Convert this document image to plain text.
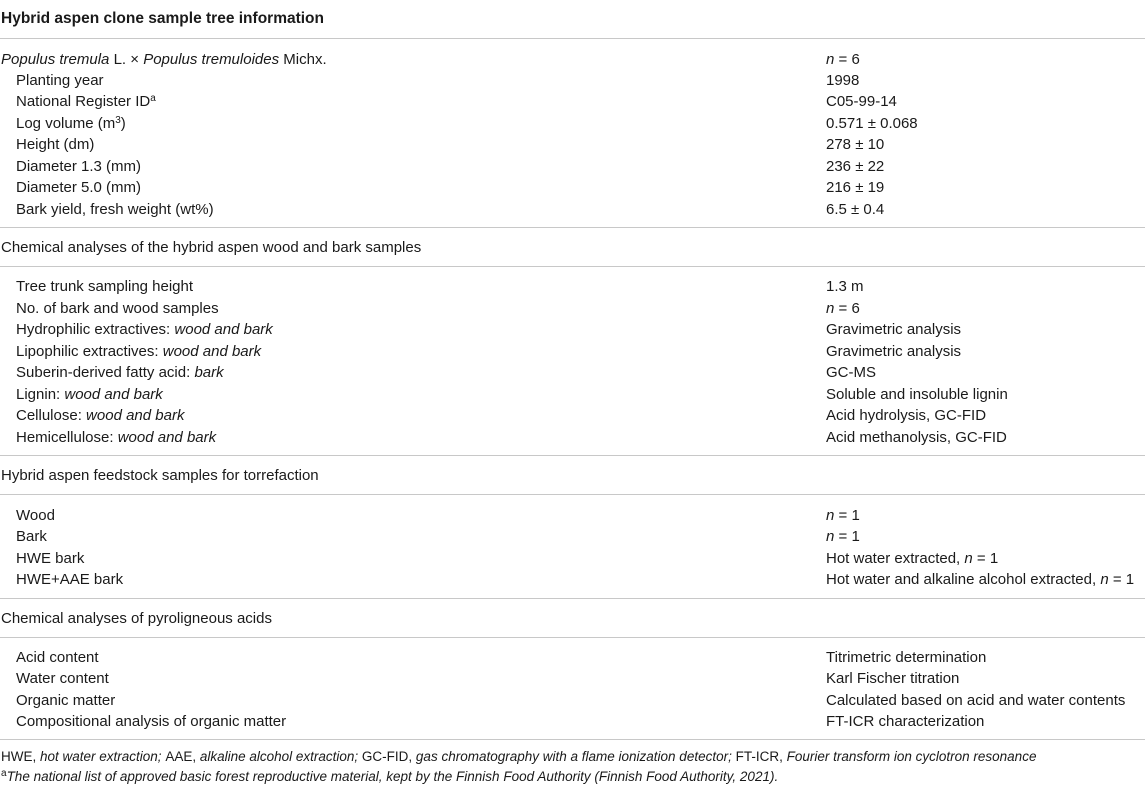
Hybrid aspen clone sample tree information
Populus tremula L. × Populus tremuloides Michx.	n = 6
Planting year	1998
National Register $ID^a$	C05-99-14
Log volume $(m^3)$	0.571 ± 0.068
Height (dm)	278 ± 10
Diameter 1.3 (mm)	236 ± 22
Diameter 5.0 (mm)	216 ± 19
Bark yield, fresh weight (wt%)	6.5 ± 0.4
Chemical analyses of the hybrid aspen wood and bark samples
Tree trunk sampling height	1.3 m
No. of bark and wood samples	n = 6
Hydrophilic extractives: wood and bark	Gravimetric analysis
Lipophilic extractives: wood and bark	Gravimetric analysis
Suberin-derived fatty acid: bark	GC-MS
Lignin: wood and bark	Soluble and insoluble lignin
Cellulose: wood and bark	Acid hydrolysis, GC-FID
Hemicellulose: wood and bark	Acid methanolysis, GC-FID
Hybrid aspen feedstock samples for torrefaction
Wood	n = 1
Bark	n = 1
HWE bark	Hot water extracted, n = 1
HWE+AAE bark	Hot water and alkaline alcohol extracted, n = 1
Chemical analyses of pyroligneous acids
Acid content	Titrimetric determination
Water content	Karl Fischer titration
Organic matter	Calculated based on acid and water contents
Compositional analysis of organic matter	FT-ICR characterization
HWE, hot water extraction; AAE, alkaline alcohol extraction; GC-FID, gas chromatography with a flame ionization detector; FT-ICR, Fourier transform ion cyclotron resonance
$^a$The national list of approved basic forest reproductive material, kept by the Finnish Food Authority (Finnish Food Authority, 2021).
